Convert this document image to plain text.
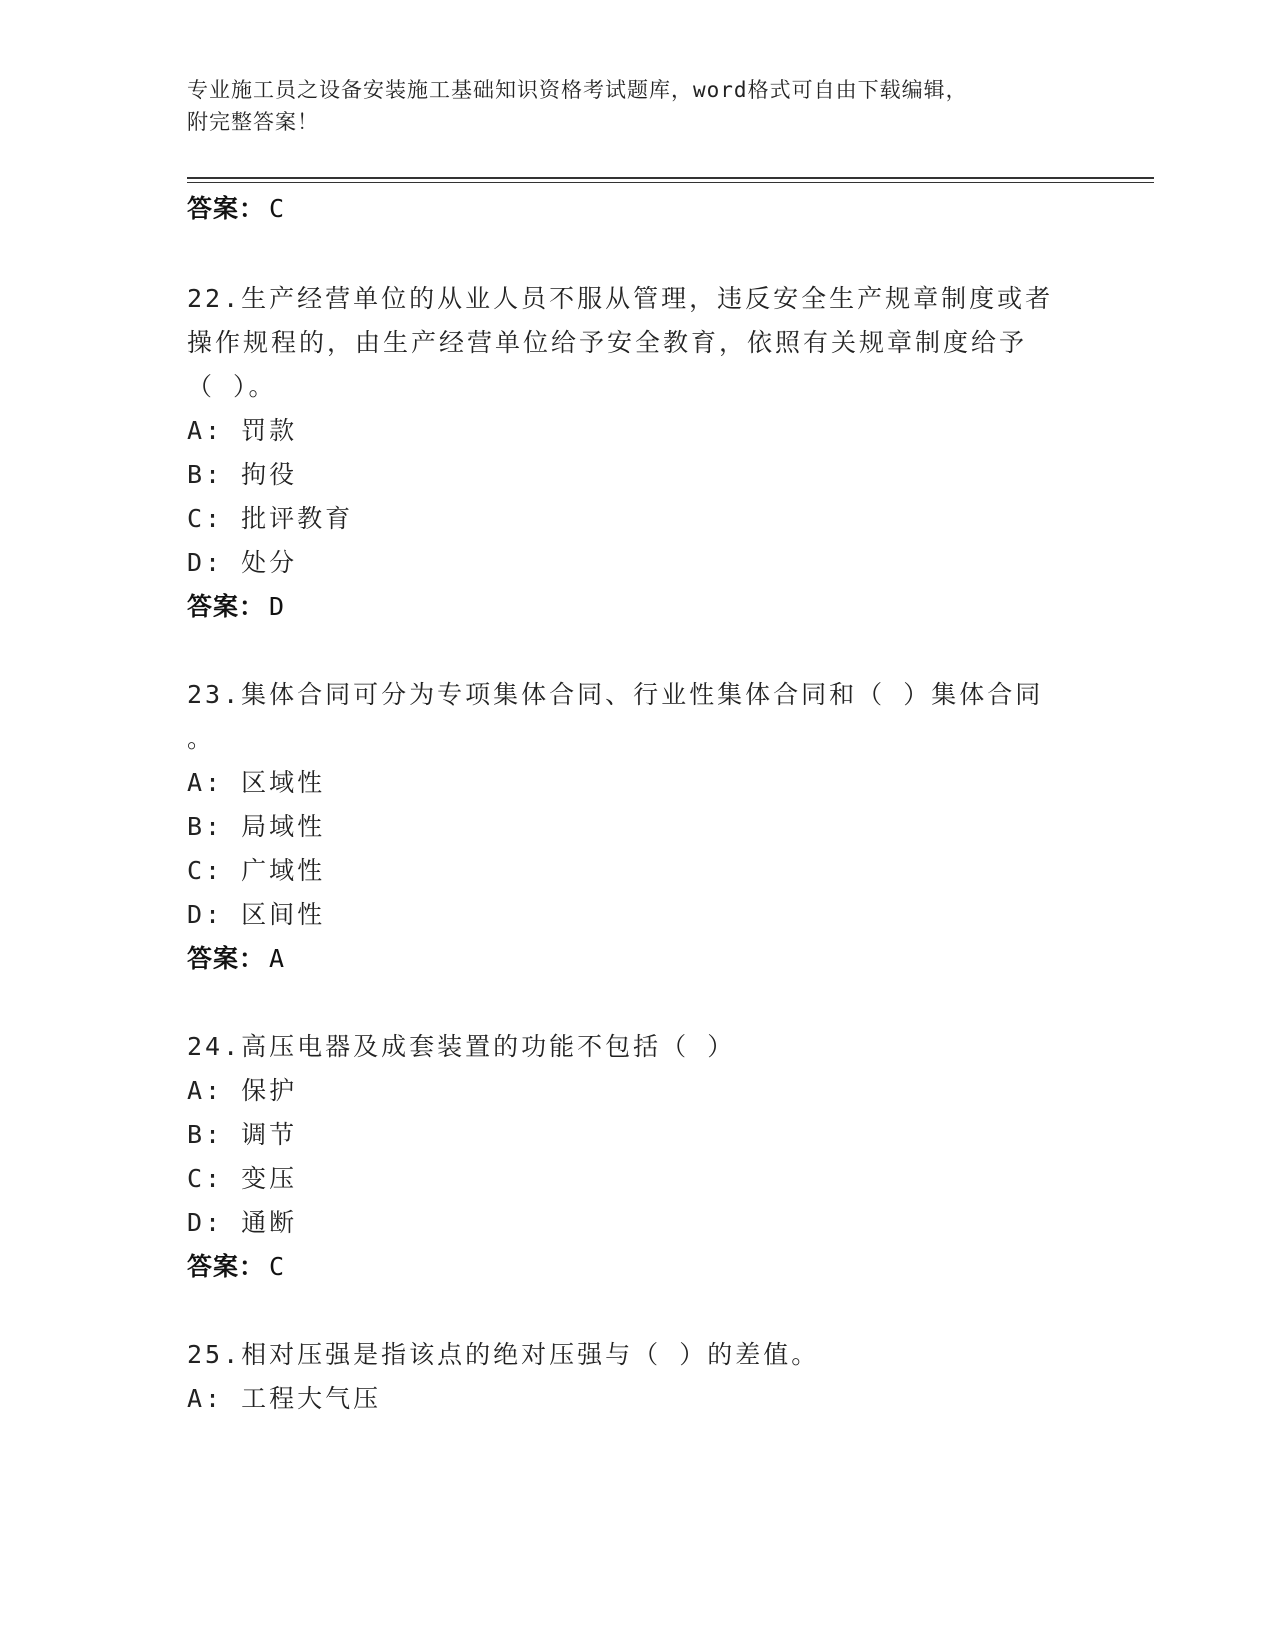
专业施工员之设备安装施工基础知识资格考试题库，word格式可自由下载编辑，
附完整答案！
答案： C
22.生产经营单位的从业人员不服从管理，违反安全生产规章制度或者
操作规程的，由生产经营单位给予安全教育，依照有关规章制度给予
（ ）。
A: 罚款
B: 拘役
C: 批评教育
D: 处分
答案： D
23.集体合同可分为专项集体合同、行业性集体合同和（ ）集体合同
。
A: 区域性
B: 局域性
C: 广域性
D: 区间性
答案： A
24.高压电器及成套装置的功能不包括（ ）
A: 保护
B: 调节
C: 变压
D: 通断
答案： C
25.相对压强是指该点的绝对压强与（ ）的差值。
A: 工程大气压
